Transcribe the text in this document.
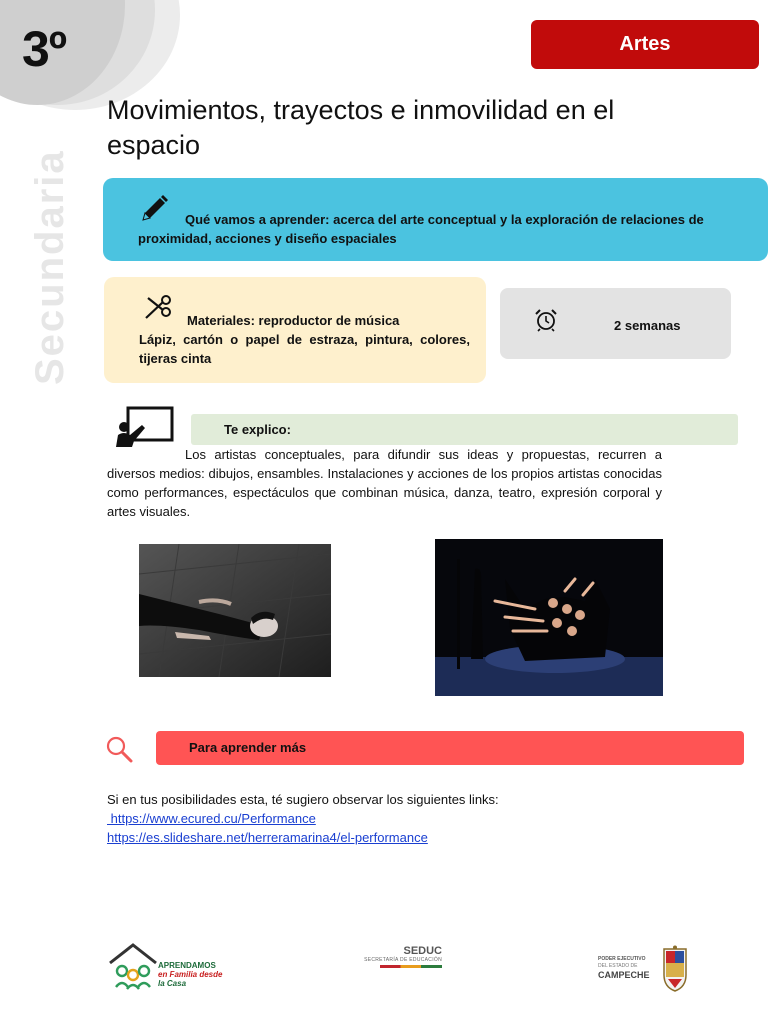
3º
Secundaria
Artes
Movimientos, trayectos e inmovilidad en el espacio
Qué vamos a aprender: acerca del arte conceptual y la exploración de relaciones de proximidad, acciones y diseño espaciales
Materiales: reproductor de música
Lápiz, cartón o papel de estraza, pintura, colores, tijeras cinta
2 semanas
Te explico:
Los artistas conceptuales, para difundir sus ideas y propuestas, recurren a diversos medios: dibujos, ensambles. Instalaciones y acciones de los propios artistas conocidas como performances, espectáculos que combinan música, danza, teatro, expresión corporal y artes visuales.
Para aprender más
Si en tus posibilidades esta, té sugiero observar los siguientes links:
https://www.ecured.cu/Performance
https://es.slideshare.net/herreramarina4/el-performance
APRENDAMOS
en Familia desde
la Casa
SEDUC
SECRETARÍA DE EDUCACIÓN	PODER EJECUTIVO
DEL ESTADO DE
CAMPECHE
